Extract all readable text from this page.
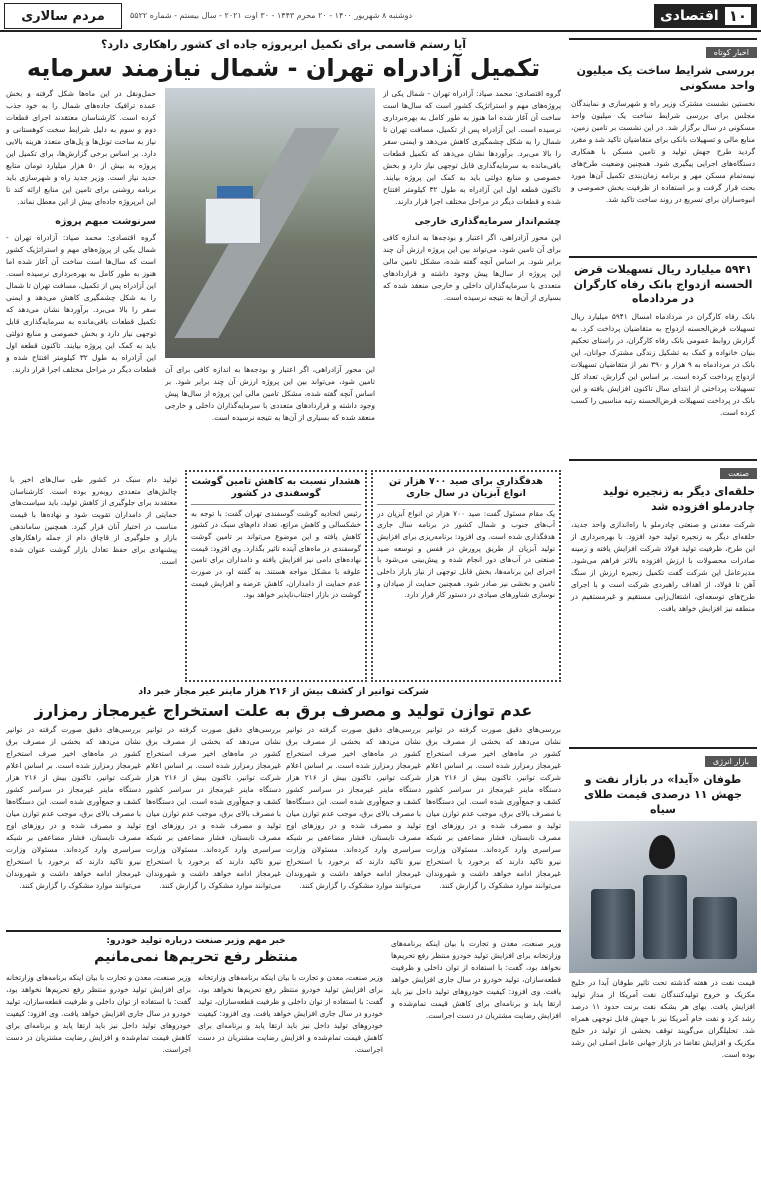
۱۰
اقتصادی
دوشنبه ۸ شهریور ۱۴۰۰ - ۲۰ محرم ۱۴۴۳ - ۳۰ اوت ۲۰۲۱ - سال بیستم - شماره ۵۵۲۲
مردم سالاری
اخبار کوتاه
بررسی شرایط ساخت یک میلیون واحد مسکونی
نخستین نشست مشترک وزیر راه و شهرسازی و نمایندگان مجلس برای بررسی شرایط ساخت یک میلیون واحد مسکونی در سال برگزار شد. در این نشست بر تامین زمین، منابع مالی و تسهیلات بانکی برای متقاضیان تاکید شد و مقرر گردید طرح جهش تولید و تامین مسکن با همکاری دستگاه‌های اجرایی پیگیری شود. همچنین وضعیت طرح‌های نیمه‌تمام مسکن مهر و برنامه زمان‌بندی تکمیل آن‌ها مورد بحث قرار گرفت و بر استفاده از ظرفیت بخش خصوصی و انبوه‌سازان برای تسریع در روند ساخت تاکید شد.
۵۹۴۱ میلیارد ریال تسهیلات قرض الحسنه ازدواج بانک رفاه کارگران در مردادماه
بانک رفاه کارگران در مردادماه امسال ۵۹۴۱ میلیارد ریال تسهیلات قرض‌الحسنه ازدواج به متقاضیان پرداخت کرد. به گزارش روابط عمومی بانک رفاه کارگران، در راستای تحکیم بنیان خانواده و کمک به تشکیل زندگی مشترک جوانان، این بانک در مردادماه به ۹ هزار و ۳۹۰ نفر از متقاضیان تسهیلات ازدواج پرداخت کرده است. بر اساس این گزارش، تعداد کل تسهیلات پرداختی از ابتدای سال تاکنون افزایش یافته و این بانک در پرداخت تسهیلات قرض‌الحسنه رتبه مناسبی را کسب کرده است.
صنعت
حلقه‌ای دیگر به زنجیره تولید چادرملو افزوده شد
شرکت معدنی و صنعتی چادرملو با راه‌اندازی واحد جدید، حلقه‌ای دیگر به زنجیره تولید خود افزود. با بهره‌برداری از این طرح، ظرفیت تولید فولاد شرکت افزایش یافته و زمینه صادرات محصولات با ارزش افزوده بالاتر فراهم می‌شود. مدیرعامل این شرکت گفت تکمیل زنجیره ارزش از سنگ آهن تا فولاد، از اهداف راهبردی شرکت است و با اجرای طرح‌های توسعه‌ای، اشتغال‌زایی مستقیم و غیرمستقیم در منطقه نیز افزایش خواهد یافت.
بازار انرژی
طوفان «آیدا» در بازار نفت و جهش ۱۱ درصدی قیمت طلای سیاه
قیمت نفت در هفته گذشته تحت تاثیر طوفان آیدا در خلیج مکزیک و خروج تولیدکنندگان نفت آمریکا از مدار تولید افزایش یافت. بهای هر بشکه نفت برنت حدود ۱۱ درصد رشد کرد و نفت خام آمریکا نیز با جهش قابل توجهی همراه شد. تحلیلگران می‌گویند توقف بخشی از تولید در خلیج مکزیک و افزایش تقاضا در بازار جهانی عامل اصلی این رشد بوده است.
آیا رستم قاسمی برای تکمیل ابرپروژه جاده ای کشور راهکاری دارد؟
تکمیل آزادراه تهران - شمال نیازمند سرمایه
گروه اقتصادی: محمد صیاد: آزادراه تهران - شمال یکی از پروژه‌های مهم و استراتژیک کشور است که سال‌ها است ساخت آن آغاز شده اما هنوز به طور کامل به بهره‌برداری نرسیده است. این آزادراه پس از تکمیل، مسافت تهران تا شمال را به شکل چشمگیری کاهش می‌دهد و ایمنی سفر را بالا می‌برد. برآوردها نشان می‌دهد که تکمیل قطعات باقی‌مانده به سرمایه‌گذاری قابل توجهی نیاز دارد و بخش خصوصی و منابع دولتی باید به کمک این پروژه بیایند. تاکنون قطعه اول این آزادراه به طول ۳۲ کیلومتر افتتاح شده و قطعات دیگر در مراحل مختلف اجرا قرار دارند.
چشم‌انداز سرمایه‌گذاری خارجی
این محور آزادراهی، اگر اعتبار و بودجه‌ها به اندازه کافی برای آن تامین شود، می‌تواند بین این پروژه ارزش آن چند برابر شود. بر اساس آنچه گفته شده، مشکل تامین مالی این پروژه از سال‌ها پیش وجود داشته و قراردادهای متعددی با سرمایه‌گذاران داخلی و خارجی منعقد شده که بسیاری از آن‌ها به نتیجه نرسیده است.
این محور آزادراهی، اگر اعتبار و بودجه‌ها به اندازه کافی برای آن تامین شود، می‌تواند بین این پروژه ارزش آن چند برابر شود. بر اساس آنچه گفته شده، مشکل تامین مالی این پروژه از سال‌ها پیش وجود داشته و قراردادهای متعددی با سرمایه‌گذاران داخلی و خارجی منعقد شده که بسیاری از آن‌ها به نتیجه نرسیده است.
حمل‌ونقل در این ماه‌ها شکل گرفته و بخش عمده ترافیک جاده‌های شمال را به خود جذب کرده است. کارشناسان معتقدند اجرای قطعات دوم و سوم به دلیل شرایط سخت کوهستانی و نیاز به ساخت تونل‌ها و پل‌های متعدد هزینه بالایی دارد. بر اساس برخی گزارش‌ها، برای تکمیل این پروژه به بیش از ۵۰ هزار میلیارد تومان منابع جدید نیاز است. وزیر جدید راه و شهرسازی باید برنامه روشنی برای تامین این منابع ارائه کند تا این ابرپروژه جاده‌ای بیش از این معطل نماند.
سرنوشت مبهم پروژه
گروه اقتصادی: محمد صیاد: آزادراه تهران - شمال یکی از پروژه‌های مهم و استراتژیک کشور است که سال‌ها است ساخت آن آغاز شده اما هنوز به طور کامل به بهره‌برداری نرسیده است. این آزادراه پس از تکمیل، مسافت تهران تا شمال را به شکل چشمگیری کاهش می‌دهد و ایمنی سفر را بالا می‌برد. برآوردها نشان می‌دهد که تکمیل قطعات باقی‌مانده به سرمایه‌گذاری قابل توجهی نیاز دارد و بخش خصوصی و منابع دولتی باید به کمک این پروژه بیایند. تاکنون قطعه اول این آزادراه به طول ۳۲ کیلومتر افتتاح شده و قطعات دیگر در مراحل مختلف اجرا قرار دارند.
هدفگذاری برای صید ۷۰۰ هزار تن انواع آبزیان در سال جاری
یک مقام مسئول گفت: صید ۷۰۰ هزار تن انواع آبزیان در آب‌های جنوب و شمال کشور در برنامه سال جاری هدفگذاری شده است. وی افزود: برنامه‌ریزی برای افزایش تولید آبزیان از طریق پرورش در قفس و توسعه صید صنعتی در آب‌های دور انجام شده و پیش‌بینی می‌شود با اجرای این برنامه‌ها، بخش قابل توجهی از نیاز بازار داخلی تامین و بخشی نیز صادر شود. همچنین حمایت از صیادان و نوسازی شناورهای صیادی در دستور کار قرار دارد.
هشدار نسبت به کاهش تامین گوشت گوسفندی در کشور
رئیس اتحادیه گوشت گوسفندی تهران گفت: با توجه به خشکسالی و کاهش مراتع، تعداد دام‌های سبک در کشور کاهش یافته و این موضوع می‌تواند بر تامین گوشت گوسفندی در ماه‌های آینده تاثیر بگذارد. وی افزود: قیمت نهاده‌های دامی نیز افزایش یافته و دامداران برای تامین علوفه با مشکل مواجه هستند. به گفته او، در صورت عدم حمایت از دامداران، کاهش عرضه و افزایش قیمت گوشت در بازار اجتناب‌ناپذیر خواهد بود.
تولید دام سبک در کشور طی سال‌های اخیر با چالش‌های متعددی روبه‌رو بوده است. کارشناسان معتقدند برای جلوگیری از کاهش تولید، باید سیاست‌های حمایتی از دامداران تقویت شود و نهاده‌ها با قیمت مناسب در اختیار آنان قرار گیرد. همچنین ساماندهی بازار و جلوگیری از قاچاق دام از جمله راهکارهای پیشنهادی برای حفظ تعادل بازار گوشت عنوان شده است.
شرکت توانیر از کشف بیش از ۲۱۶ هزار ماینر غیر مجاز خبر داد
عدم توازن تولید و مصرف برق به علت استخراج غیرمجاز رمزارز
بررسی‌های دقیق صورت گرفته در توانیر نشان می‌دهد که بخشی از مصرف برق کشور در ماه‌های اخیر صرف استخراج غیرمجاز رمزارز شده است. بر اساس اعلام شرکت توانیر، تاکنون بیش از ۲۱۶ هزار دستگاه ماینر غیرمجاز در سراسر کشور کشف و جمع‌آوری شده است. این دستگاه‌ها با مصرف بالای برق، موجب عدم توازن میان تولید و مصرف شده و در روزهای اوج مصرف تابستان، فشار مضاعفی بر شبکه سراسری وارد کرده‌اند. مسئولان وزارت نیرو تاکید دارند که برخورد با استخراج غیرمجاز ادامه خواهد داشت و شهروندان می‌توانند موارد مشکوک را گزارش کنند.
بررسی‌های دقیق صورت گرفته در توانیر نشان می‌دهد که بخشی از مصرف برق کشور در ماه‌های اخیر صرف استخراج غیرمجاز رمزارز شده است. بر اساس اعلام شرکت توانیر، تاکنون بیش از ۲۱۶ هزار دستگاه ماینر غیرمجاز در سراسر کشور کشف و جمع‌آوری شده است. این دستگاه‌ها با مصرف بالای برق، موجب عدم توازن میان تولید و مصرف شده و در روزهای اوج مصرف تابستان، فشار مضاعفی بر شبکه سراسری وارد کرده‌اند. مسئولان وزارت نیرو تاکید دارند که برخورد با استخراج غیرمجاز ادامه خواهد داشت و شهروندان می‌توانند موارد مشکوک را گزارش کنند.
بررسی‌های دقیق صورت گرفته در توانیر نشان می‌دهد که بخشی از مصرف برق کشور در ماه‌های اخیر صرف استخراج غیرمجاز رمزارز شده است. بر اساس اعلام شرکت توانیر، تاکنون بیش از ۲۱۶ هزار دستگاه ماینر غیرمجاز در سراسر کشور کشف و جمع‌آوری شده است. این دستگاه‌ها با مصرف بالای برق، موجب عدم توازن میان تولید و مصرف شده و در روزهای اوج مصرف تابستان، فشار مضاعفی بر شبکه سراسری وارد کرده‌اند. مسئولان وزارت نیرو تاکید دارند که برخورد با استخراج غیرمجاز ادامه خواهد داشت و شهروندان می‌توانند موارد مشکوک را گزارش کنند.
بررسی‌های دقیق صورت گرفته در توانیر نشان می‌دهد که بخشی از مصرف برق کشور در ماه‌های اخیر صرف استخراج غیرمجاز رمزارز شده است. بر اساس اعلام شرکت توانیر، تاکنون بیش از ۲۱۶ هزار دستگاه ماینر غیرمجاز در سراسر کشور کشف و جمع‌آوری شده است. این دستگاه‌ها با مصرف بالای برق، موجب عدم توازن میان تولید و مصرف شده و در روزهای اوج مصرف تابستان، فشار مضاعفی بر شبکه سراسری وارد کرده‌اند. مسئولان وزارت نیرو تاکید دارند که برخورد با استخراج غیرمجاز ادامه خواهد داشت و شهروندان می‌توانند موارد مشکوک را گزارش کنند.
وزیر صنعت، معدن و تجارت با بیان اینکه برنامه‌های وزارتخانه برای افزایش تولید خودرو منتظر رفع تحریم‌ها نخواهد بود، گفت: با استفاده از توان داخلی و ظرفیت قطعه‌سازان، تولید خودرو در سال جاری افزایش خواهد یافت. وی افزود: کیفیت خودروهای تولید داخل نیز باید ارتقا یابد و برنامه‌ای برای کاهش قیمت تمام‌شده و افزایش رضایت مشتریان در دست اجراست.
خبر مهم وزیر صنعت درباره تولید خودرو:
منتظر رفع تحریم‌ها نمی‌مانیم
وزیر صنعت، معدن و تجارت با بیان اینکه برنامه‌های وزارتخانه برای افزایش تولید خودرو منتظر رفع تحریم‌ها نخواهد بود، گفت: با استفاده از توان داخلی و ظرفیت قطعه‌سازان، تولید خودرو در سال جاری افزایش خواهد یافت. وی افزود: کیفیت خودروهای تولید داخل نیز باید ارتقا یابد و برنامه‌ای برای کاهش قیمت تمام‌شده و افزایش رضایت مشتریان در دست اجراست.
وزیر صنعت، معدن و تجارت با بیان اینکه برنامه‌های وزارتخانه برای افزایش تولید خودرو منتظر رفع تحریم‌ها نخواهد بود، گفت: با استفاده از توان داخلی و ظرفیت قطعه‌سازان، تولید خودرو در سال جاری افزایش خواهد یافت. وی افزود: کیفیت خودروهای تولید داخل نیز باید ارتقا یابد و برنامه‌ای برای کاهش قیمت تمام‌شده و افزایش رضایت مشتریان در دست اجراست.
